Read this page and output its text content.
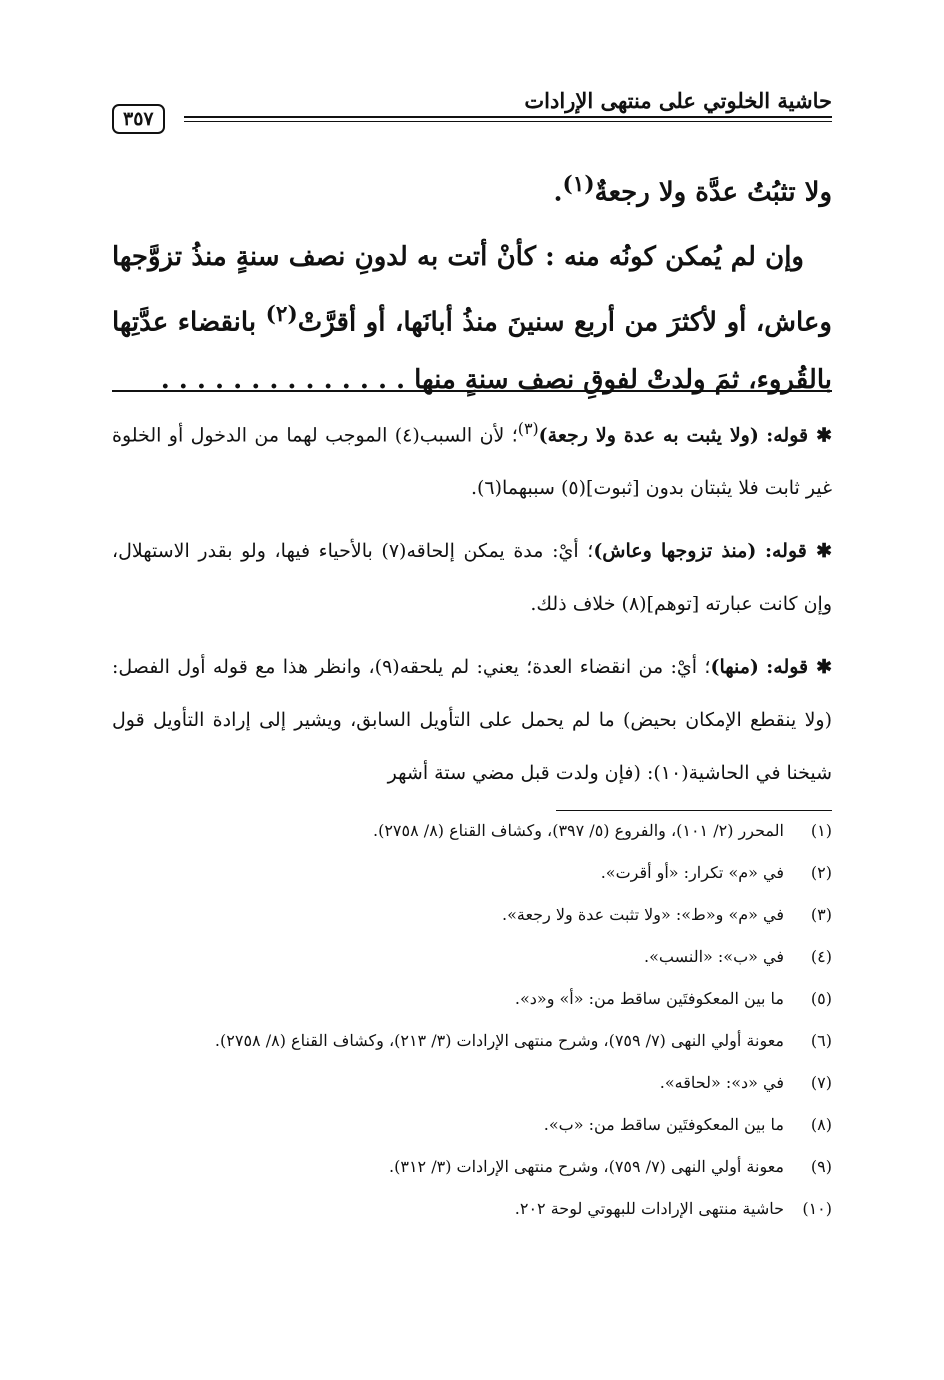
حاشية الخلوتي على منتهى الإرادات
٣٥٧

ولا تثبُتُ عدَّة ولا رجعةٌ$^{(١)}$.

وإن لم يُمكن كونُه منه : كأنْ أتت به لدونِ نصف سنةٍ منذُ تزوَّجها وعاش، أو لأكثرَ من أربع سنينَ منذُ أبانَها، أو أقرَّتْ$^{(٢)}$ بانقضاء عدَّتِها بالقُروء، ثمَ ولدتْ لفوقِ نصف سنةٍ منها . . . . . . . . . . . . . .

✱ قوله: (ولا يثبت به عدة ولا رجعة)$^{(٣)}$؛ لأن السبب(٤) الموجب لهما من الدخول أو الخلوة غير ثابت فلا يثبتان بدون [ثبوت](٥) سببهما(٦).

✱ قوله: (منذ تزوجها وعاش)؛ أيْ: مدة يمكن إلحاقه(٧) بالأحياء فيها، ولو بقدر الاستهلال، وإن كانت عبارته [توهم](٨) خلاف ذلك.

✱ قوله: (منها)؛ أيْ: من انقضاء العدة؛ يعني: لم يلحقه(٩)، وانظر هذا مع قوله أول الفصل: (ولا ينقطع الإمكان بحيض) ما لم يحمل على التأويل السابق، ويشير إلى إرادة التأويل قول شيخنا في الحاشية(١٠): (فإن ولدت قبل مضي ستة أشهر

(١)
المحرر (٢/ ١٠١)، والفروع (٥/ ٣٩٧)، وكشاف القناع (٨/ ٢٧٥٨).
(٢)
في «م» تكرار: «أو أقرت».
(٣)
في «م» و«ط»: «ولا تثبت عدة ولا رجعة».
(٤)
في «ب»: «النسب».
(٥)
ما بين المعكوفتَين ساقط من: «أ» و«د».
(٦)
معونة أولي النهى (٧/ ٧٥٩)، وشرح منتهى الإرادات (٣/ ٢١٣)، وكشاف القناع (٨/ ٢٧٥٨).
(٧)
في «د»: «لحاقه».
(٨)
ما بين المعكوفتَين ساقط من: «ب».
(٩)
معونة أولي النهى (٧/ ٧٥٩)، وشرح منتهى الإرادات (٣/ ٣١٢).
(١٠)
حاشية منتهى الإرادات للبهوتي لوحة ٢٠٢.
